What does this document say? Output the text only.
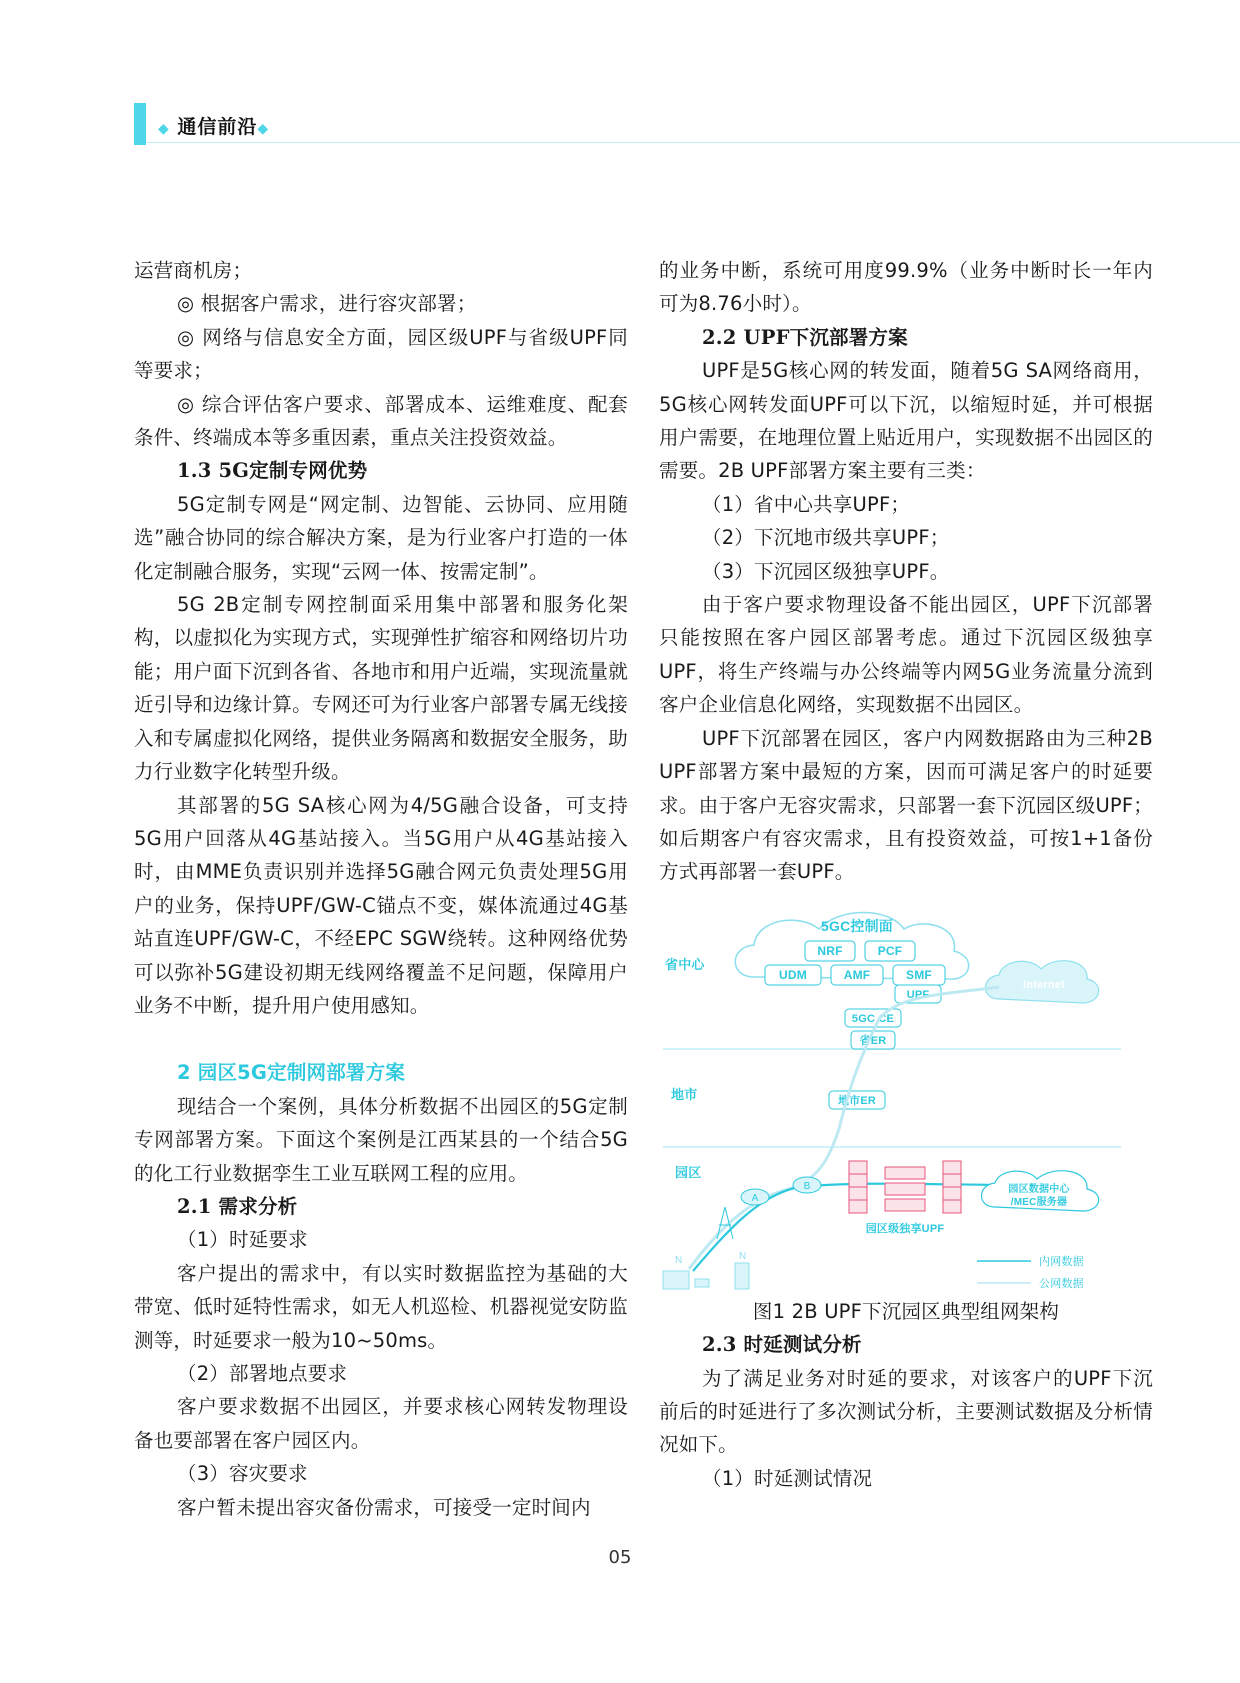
◆ 通信前沿◆

运营商机房；

◎ 根据客户需求，进行容灾部署；

◎ 网络与信息安全方面，园区级UPF与省级UPF同等要求；

◎ 综合评估客户要求、部署成本、运维难度、配套条件、终端成本等多重因素，重点关注投资效益。

1.3 5G定制专网优势

5G定制专网是“网定制、边智能、云协同、应用随选”融合协同的综合解决方案，是为行业客户打造的一体化定制融合服务，实现“云网一体、按需定制”。

5G 2B定制专网控制面采用集中部署和服务化架构，以虚拟化为实现方式，实现弹性扩缩容和网络切片功能；用户面下沉到各省、各地市和用户近端，实现流量就近引导和边缘计算。专网还可为行业客户部署专属无线接入和专属虚拟化网络，提供业务隔离和数据安全服务，助力行业数字化转型升级。

其部署的5G SA核心网为4/5G融合设备，可支持5G用户回落从4G基站接入。当5G用户从4G基站接入时，由MME负责识别并选择5G融合网元负责处理5G用户的业务，保持UPF/GW-C锚点不变，媒体流通过4G基站直连UPF/GW-C，不经EPC SGW绕转。这种网络优势可以弥补5G建设初期无线网络覆盖不足问题，保障用户业务不中断，提升用户使用感知。

2 园区5G定制网部署方案

现结合一个案例，具体分析数据不出园区的5G定制专网部署方案。下面这个案例是江西某县的一个结合5G的化工行业数据孪生工业互联网工程的应用。

2.1 需求分析

（1）时延要求

客户提出的需求中，有以实时数据监控为基础的大带宽、低时延特性需求，如无人机巡检、机器视觉安防监测等，时延要求一般为10~50ms。

（2）部署地点要求

客户要求数据不出园区，并要求核心网转发物理设备也要部署在客户园区内。

（3）容灾要求

客户暂未提出容灾备份需求，可接受一定时间内

的业务中断，系统可用度99.9%（业务中断时长一年内可为8.76小时）。

2.2 UPF下沉部署方案

UPF是5G核心网的转发面，随着5G SA网络商用，5G核心网转发面UPF可以下沉，以缩短时延，并可根据用户需要，在地理位置上贴近用户，实现数据不出园区的需要。2B UPF部署方案主要有三类：

（1）省中心共享UPF；

（2）下沉地市级共享UPF；

（3）下沉园区级独享UPF。

由于客户要求物理设备不能出园区，UPF下沉部署只能按照在客户园区部署考虑。通过下沉园区级独享UPF，将生产终端与办公终端等内网5G业务流量分流到客户企业信息化网络，实现数据不出园区。

UPF下沉部署在园区，客户内网数据路由为三种2B UPF部署方案中最短的方案，因而可满足客户的时延要求。由于客户无容灾需求，只部署一套下沉园区级UPF；如后期客户有容灾需求，且有投资效益，可按1+1备份方式再部署一套UPF。

5GC控制面
NRF	PCF
UDM	AMF	SMF
省中心
地市
园区
Internet
UPF
5GC CE
省ER
地市ER
A
B
园区级独享UPF
园区数据中心
/MEC服务器
N	N	内网数据
公网数据

图1 2B UPF下沉园区典型组网架构

2.3 时延测试分析

为了满足业务对时延的要求，对该客户的UPF下沉前后的时延进行了多次测试分析，主要测试数据及分析情况如下。

（1）时延测试情况

05
